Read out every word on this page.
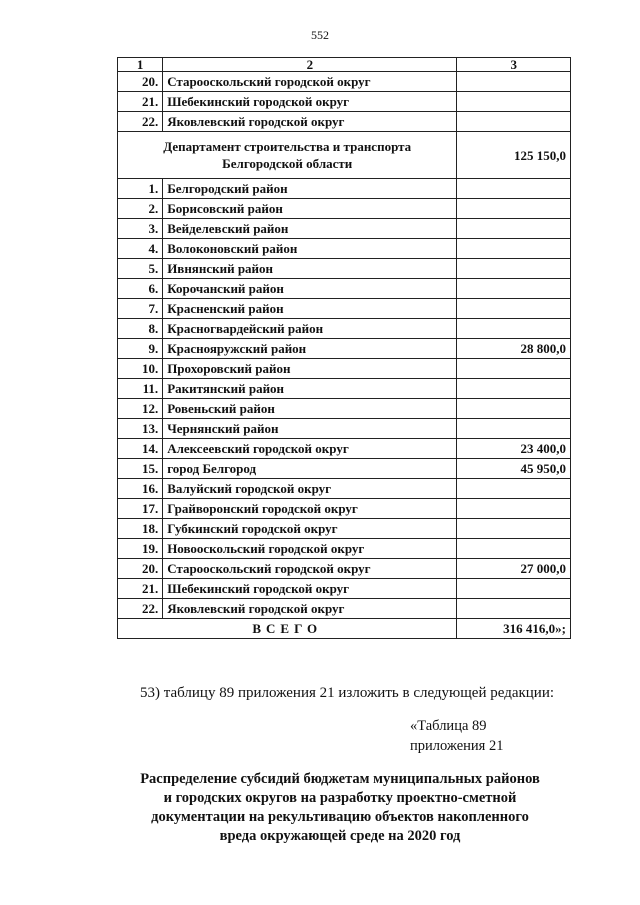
552
1	2	3
20.	Старооскольский городской округ	
21.	Шебекинский городской округ	
22.	Яковлевский городской округ	

Департамент строительства и транспорта
Белгородской области		125 150,0
1.	Белгородский район	
2.	Борисовский район	
3.	Вейделевский район	
4.	Волоконовский район	
5.	Ивнянский район	
6.	Корочанский район	
7.	Красненский район	
8.	Красногвардейский район	
9.	Краснояружский район	28 800,0
10.	Прохоровский район	
11.	Ракитянский район	
12.	Ровеньский район	
13.	Чернянский район	
14.	Алексеевский городской округ	23 400,0
15.	город Белгород	45 950,0
16.	Валуйский городской округ	
17.	Грайворонский городской округ	
18.	Губкинский городской округ	
19.	Новооскольский городской округ	
20.	Старооскольский городской округ	27 000,0
21.	Шебекинский городской округ	
22.	Яковлевский городской округ	
ВСЕГО		316 416,0»;
53) таблицу 89 приложения 21 изложить в следующей редакции:
«Таблица 89
приложения 21
Распределение субсидий бюджетам муниципальных районов
и городских округов на разработку проектно-сметной
документации на рекультивацию объектов накопленного
вреда окружающей среде на 2020 год
